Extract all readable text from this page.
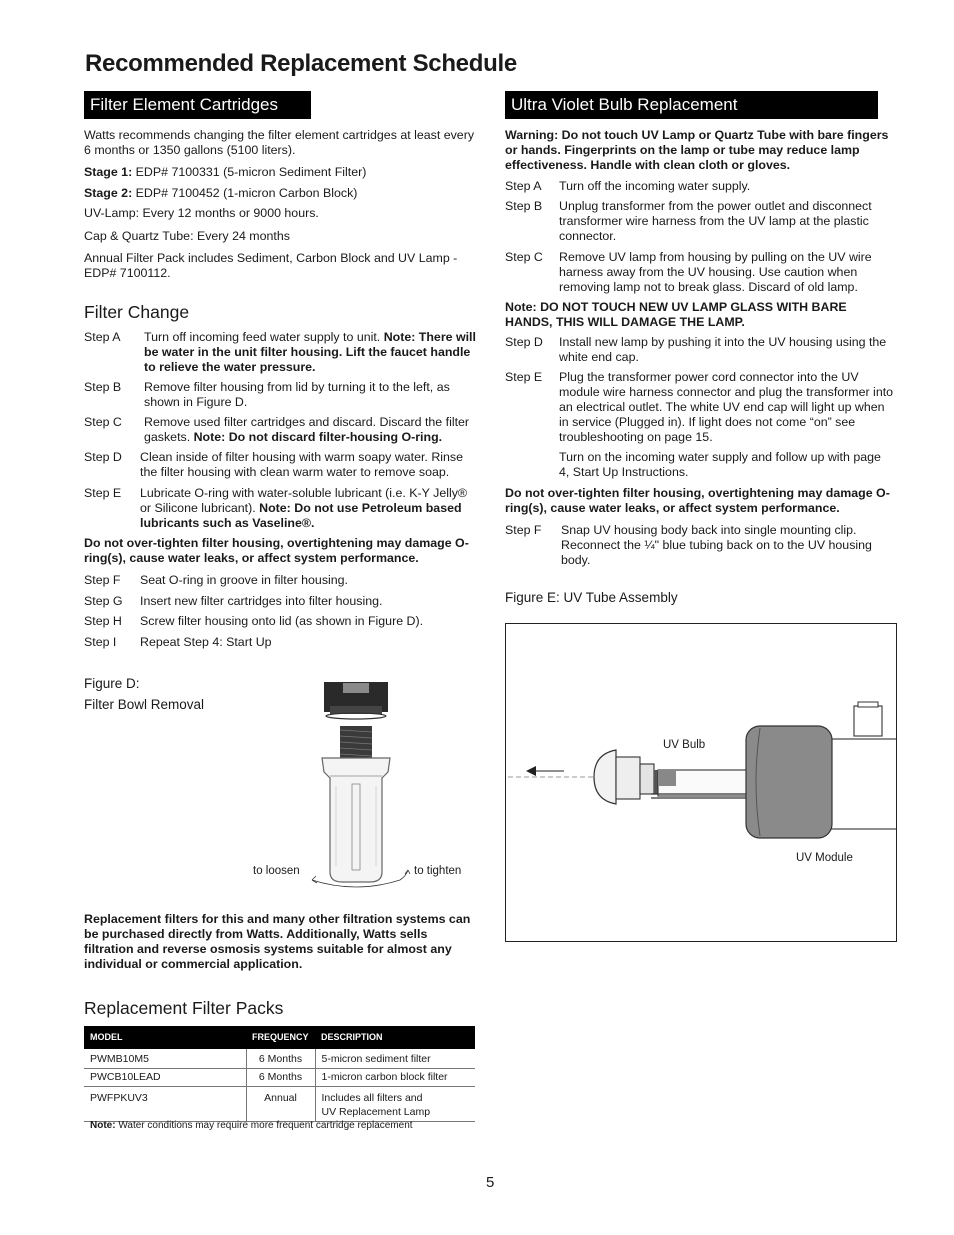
Recommended Replacement Schedule
Filter Element Cartridges
Watts recommends changing the filter element cartridges at least every 6 months or 1350 gallons (5100 liters).
Stage 1: EDP# 7100331 (5-micron Sediment Filter)
Stage 2: EDP# 7100452 (1-micron Carbon Block)
UV-Lamp: Every 12 months or 9000 hours.
Cap & Quartz Tube: Every 24 months
Annual Filter Pack includes Sediment, Carbon Block and UV Lamp - EDP# 7100112.
Filter Change
Step A	Turn off incoming feed water supply to unit. Note: There will be water in the unit filter housing. Lift the faucet handle to relieve the water pressure.
Step B	Remove filter housing from lid by turning it to the left, as shown in Figure D.
Step C	Remove used filter cartridges and discard. Discard the filter gaskets. Note: Do not discard filter-housing O-ring.
Step D	Clean inside of filter housing with warm soapy water. Rinse the filter housing with clean warm water to remove soap.
Step E	Lubricate O-ring with water-soluble lubricant (i.e. K-Y Jelly® or Silicone lubricant). Note: Do not use Petroleum based lubricants such as Vaseline®.
Do not over-tighten filter housing, overtightening may damage O-ring(s), cause water leaks, or affect system performance.
Step F	Seat O-ring in groove in filter housing.
Step G	Insert new filter cartridges into filter housing.
Step H	Screw filter housing onto lid (as shown in Figure D).
Step I	Repeat Step 4: Start Up
Figure D:
Filter Bowl Removal
to loosen	to tighten
Replacement filters for this and many other filtration systems can be purchased directly from Watts. Additionally, Watts sells filtration and reverse osmosis systems suitable for almost any individual or commercial application.
Replacement Filter Packs
MODEL	FREQUENCY	DESCRIPTION
PWMB10M5	6 Months	5-micron sediment filter
PWCB10LEAD	6 Months	1-micron carbon block filter
PWFPKUV3	Annual	Includes all filters and
UV Replacement Lamp
Note: Water conditions may require more frequent cartridge replacement
Ultra Violet Bulb Replacement
Warning: Do not touch UV Lamp or Quartz Tube with bare fingers or hands. Fingerprints on the lamp or tube may reduce lamp effectiveness. Handle with clean cloth or gloves.
Step A	Turn off the incoming water supply.
Step B	Unplug transformer from the power outlet and disconnect transformer wire harness from the UV lamp at the plastic connector.
Step C	Remove UV lamp from housing by pulling on the UV wire harness away from the UV housing. Use caution when removing lamp not to break glass. Discard of old lamp.
Note: DO NOT TOUCH NEW UV LAMP GLASS WITH BARE HANDS, THIS WILL DAMAGE THE LAMP.
Step D	Install new lamp by pushing it into the UV housing using the white end cap.
Step E	Plug the transformer power cord connector into the UV module wire harness connector and plug the transformer into an electrical outlet. The white UV end cap will light up when in service (Plugged in). If light does not come “on” see troubleshooting on page 15.
Turn on the incoming water supply and follow up with page 4, Start Up Instructions.
Do not over-tighten filter housing, overtightening may damage O-ring(s), cause water leaks, or affect system performance.
Step F	Snap UV housing body back into single mounting clip. Reconnect the ¼" blue tubing back on to the UV housing body.
Figure E: UV Tube Assembly
UV Bulb
UV Module
5
